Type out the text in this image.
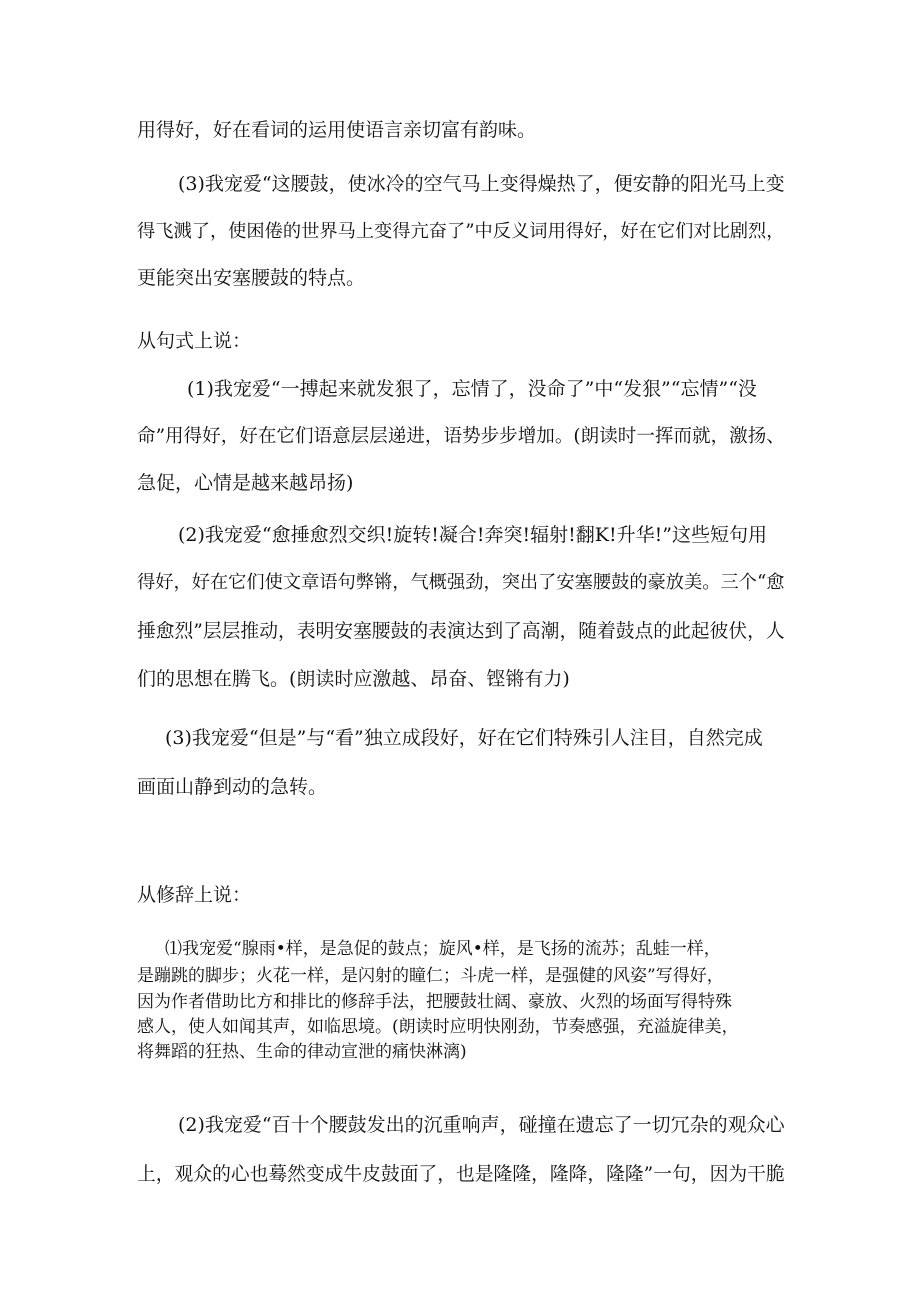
用得好，好在看词的运用使语言亲切富有韵味。
(3)我宠爱“这腰鼓，使冰冷的空气马上变得燥热了，便安静的阳光马上变
得飞溅了，使困倦的世界马上变得亢奋了”中反义词用得好，好在它们对比剧烈，
更能突出安塞腰鼓的特点。
从句式上说：
(1)我宠爱“一搏起来就发狠了，忘情了，没命了”中“发狠”“忘情”“没
命”用得好，好在它们语意层层递进，语势步步增加。(朗读时一挥而就，激扬、
急促，心情是越来越昂扬)
(2)我宠爱“愈捶愈烈交织!旋转!凝合!奔突!辐射!翻K!升华!”这些短句用
得好，好在它们使文章语句弊锵，气概强劲，突出了安塞腰鼓的豪放美。三个“愈
捶愈烈”层层推动，表明安塞腰鼓的表演达到了高潮，随着鼓点的此起彼伏，人
们的思想在腾飞。(朗读时应激越、昂奋、铿锵有力)
(3)我宠爱“但是”与“看”独立成段好，好在它们特殊引人注目，自然完成
画面山静到动的急转。
从修辞上说：
⑴我宠爱“腺雨•样，是急促的鼓点；旋风•样，是飞扬的流苏；乱蛙一样，
是蹦跳的脚步；火花一样，是闪射的瞳仁；斗虎一样，是强健的风姿”写得好，
因为作者借助比方和排比的修辞手法，把腰鼓壮阔、豪放、火烈的场面写得特殊
感人，使人如闻其声，如临思境。(朗读时应明快刚劲，节奏感强，充溢旋律美，
将舞蹈的狂热、生命的律动宣泄的痛快淋漓)
(2)我宠爱“百十个腰鼓发出的沉重响声，碰撞在遗忘了一切冗杂的观众心
上，观众的心也蓦然变成牛皮鼓面了，也是隆隆，隆降，隆隆”一句，因为干脆
